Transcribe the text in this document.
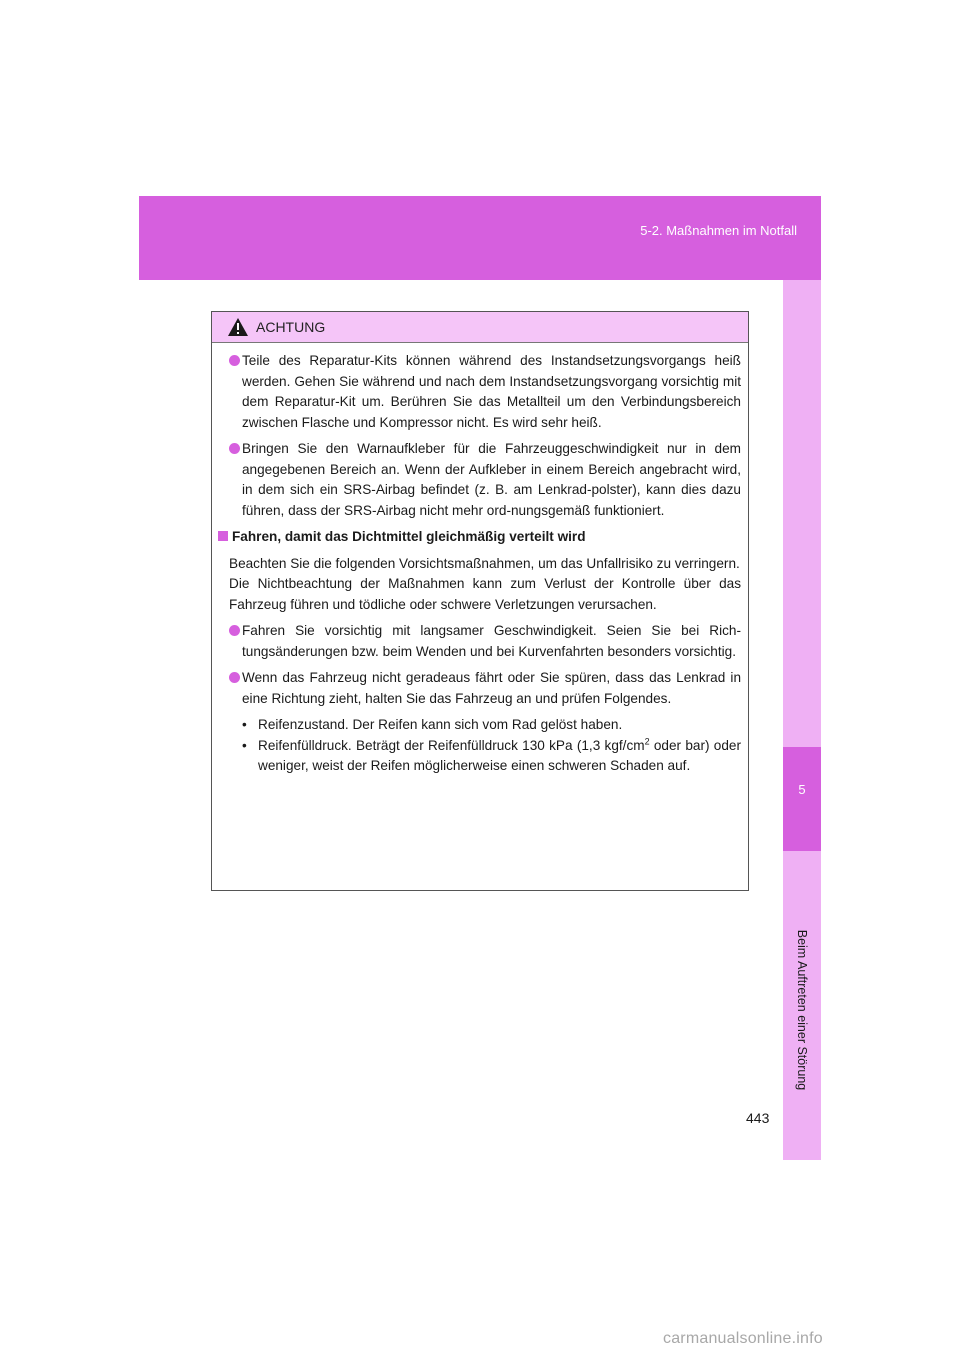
5-2. Maßnahmen im Notfall
5
Beim Auftreten einer Störung
ACHTUNG
Teile des Reparatur-Kits können während des Instandsetzungsvorgangs heiß werden. Gehen Sie während und nach dem Instandsetzungsvorgang vorsichtig mit dem Reparatur-Kit um. Berühren Sie das Metallteil um den Verbindungsbereich zwischen Flasche und Kompressor nicht. Es wird sehr heiß.
Bringen Sie den Warnaufkleber für die Fahrzeuggeschwindigkeit nur in dem angegebenen Bereich an. Wenn der Aufkleber in einem Bereich angebracht wird, in dem sich ein SRS-Airbag befindet (z. B. am Lenkrad-polster), kann dies dazu führen, dass der SRS-Airbag nicht mehr ord-nungsgemäß funktioniert.
Fahren, damit das Dichtmittel gleichmäßig verteilt wird
Beachten Sie die folgenden Vorsichtsmaßnahmen, um das Unfallrisiko zu verringern.
Die Nichtbeachtung der Maßnahmen kann zum Verlust der Kontrolle über das Fahrzeug führen und tödliche oder schwere Verletzungen verursachen.
Fahren Sie vorsichtig mit langsamer Geschwindigkeit. Seien Sie bei Rich-tungsänderungen bzw. beim Wenden und bei Kurvenfahrten besonders vorsichtig.
Wenn das Fahrzeug nicht geradeaus fährt oder Sie spüren, dass das Lenkrad in eine Richtung zieht, halten Sie das Fahrzeug an und prüfen Folgendes.
• Reifenzustand. Der Reifen kann sich vom Rad gelöst haben.
• Reifenfülldruck. Beträgt der Reifenfülldruck 130 kPa (1,3 kgf/$cm^2$ oder bar) oder weniger, weist der Reifen möglicherweise einen schweren Schaden auf.
443
carmanualsonline.info
